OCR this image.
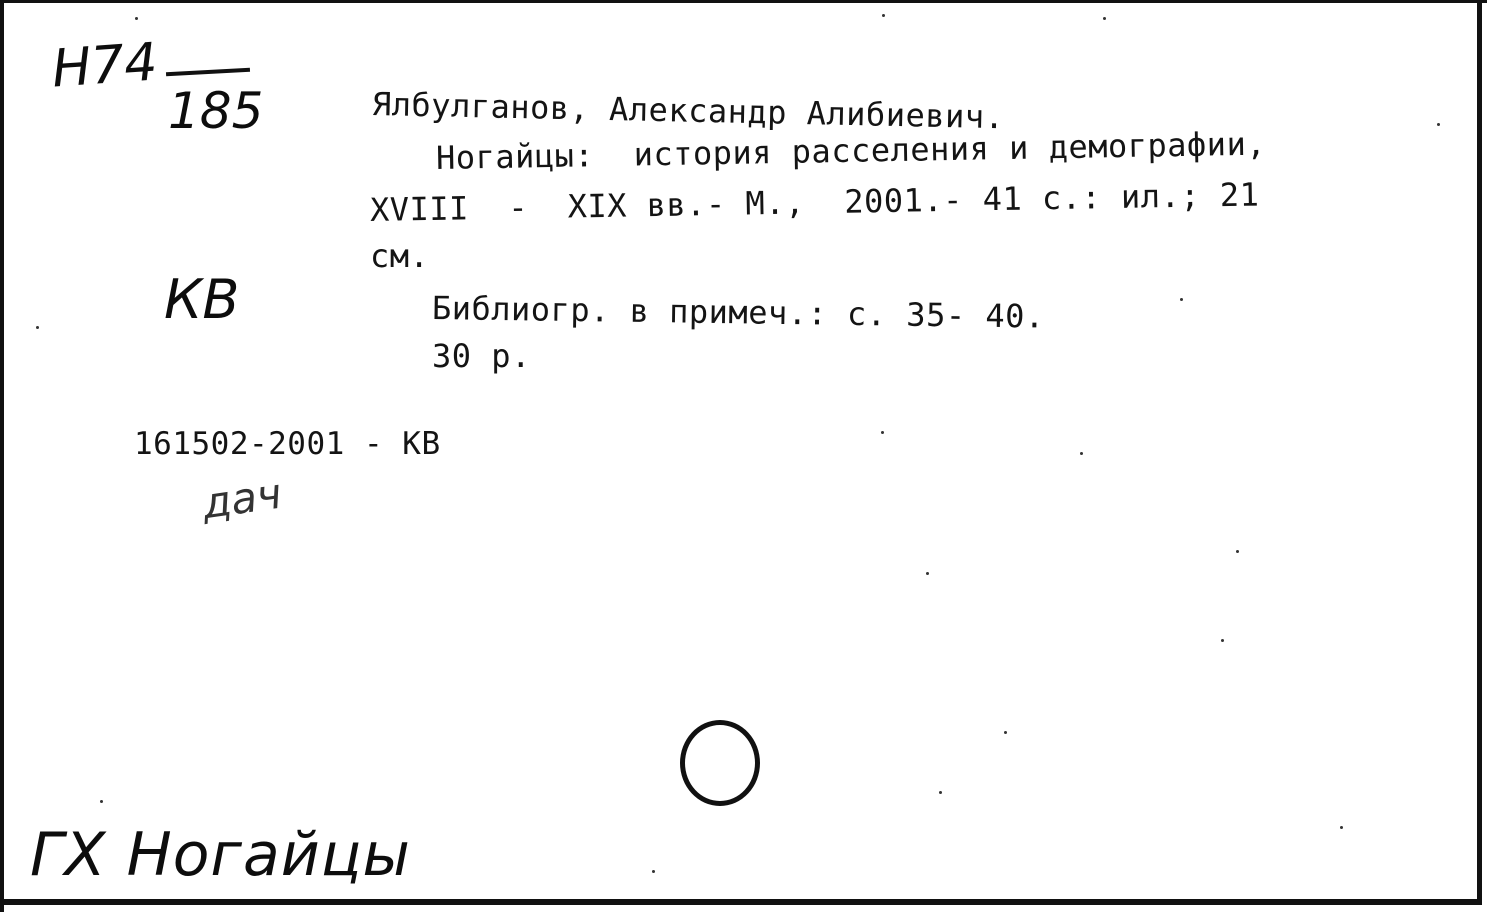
Н74
185	Ялбулганов, Александр Алибиевич.
Ногайцы:  история расселения и демографии,
XVIII  -  XIX вв.- М.,  2001.- 41 с.: ил.; 21
см.
КВ	Библиогр. в примеч.: с. 35- 40.
30 р.
161502-2001 - КВ
дач
ГХ Ногайцы
